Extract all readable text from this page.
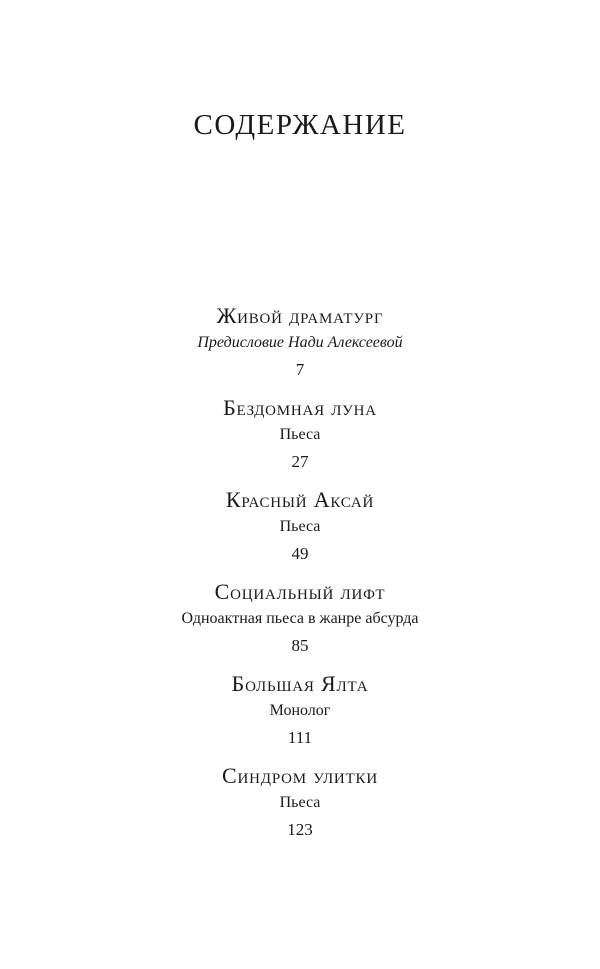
СОДЕРЖАНИЕ
Живой драматург
Предисловие Нади Алексеевой
7
Бездомная луна
Пьеса
27
Красный Аксай
Пьеса
49
Социальный лифт
Одноактная пьеса в жанре абсурда
85
Большая Ялта
Монолог
111
Синдром улитки
Пьеса
123
